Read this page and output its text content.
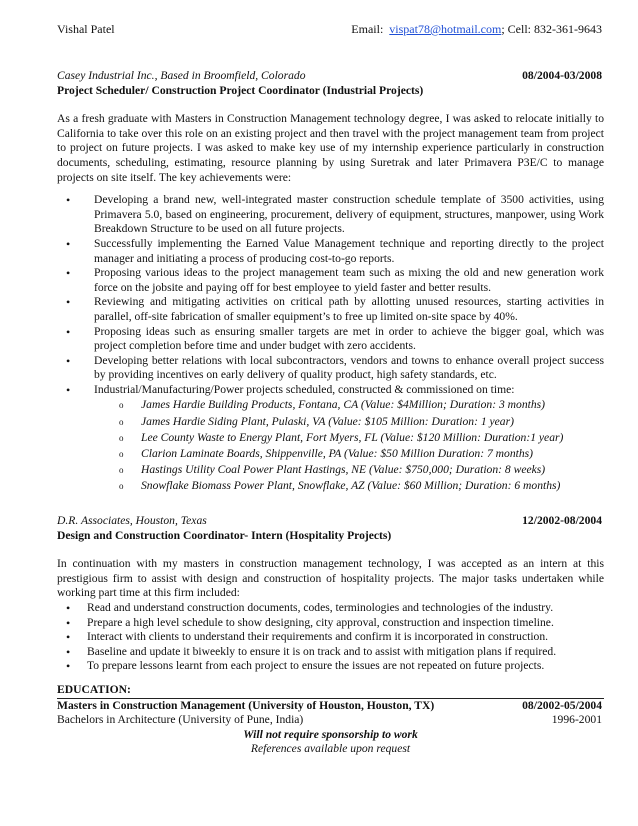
Vishal Patel	Email: vispat78@hotmail.com; Cell: 832-361-9643
Casey Industrial Inc., Based in Broomfield, Colorado	08/2004-03/2008
Project Scheduler/ Construction Project Coordinator (Industrial Projects)
As a fresh graduate with Masters in Construction Management technology degree, I was asked to relocate initially to California to take over this role on an existing project and then travel with the project management team from project to project on future projects. I was asked to make key use of my internship experience particularly in construction documents, scheduling, estimating, resource planning by using Suretrak and later Primavera P3E/C to manage projects on site itself. The key achievements were:
• Developing a brand new, well-integrated master construction schedule template of 3500 activities, using Primavera 5.0, based on engineering, procurement, delivery of equipment, structures, manpower, using Work Breakdown Structure to be used on all future projects.
• Successfully implementing the Earned Value Management technique and reporting directly to the project manager and initiating a process of producing cost-to-go reports.
• Proposing various ideas to the project management team such as mixing the old and new generation work force on the jobsite and paying off for best employee to yield faster and better results.
• Reviewing and mitigating activities on critical path by allotting unused resources, starting activities in parallel, off-site fabrication of smaller equipment’s to free up limited on-site space by 40%.
• Proposing ideas such as ensuring smaller targets are met in order to achieve the bigger goal, which was project completion before time and under budget with zero accidents.
• Developing better relations with local subcontractors, vendors and towns to enhance overall project success by providing incentives on early delivery of quality product, high safety standards, etc.
• Industrial/Manufacturing/Power projects scheduled, constructed & commissioned on time:
o James Hardie Building Products, Fontana, CA (Value: $4Million; Duration: 3 months)
o James Hardie Siding Plant, Pulaski, VA (Value: $105 Million: Duration: 1 year)
o Lee County Waste to Energy Plant, Fort Myers, FL (Value: $120 Million: Duration:1 year)
o Clarion Laminate Boards, Shippenville, PA (Value: $50 Million Duration: 7 months)
o Hastings Utility Coal Power Plant Hastings, NE (Value: $750,000; Duration: 8 weeks)
o Snowflake Biomass Power Plant, Snowflake, AZ (Value: $60 Million; Duration: 6 months)
D.R. Associates, Houston, Texas	12/2002-08/2004
Design and Construction Coordinator- Intern (Hospitality Projects)
In continuation with my masters in construction management technology, I was accepted as an intern at this prestigious firm to assist with design and construction of hospitality projects. The major tasks undertaken while working part time at this firm included:
• Read and understand construction documents, codes, terminologies and technologies of the industry.
• Prepare a high level schedule to show designing, city approval, construction and inspection timeline.
• Interact with clients to understand their requirements and confirm it is incorporated in construction.
• Baseline and update it biweekly to ensure it is on track and to assist with mitigation plans if required.
• To prepare lessons learnt from each project to ensure the issues are not repeated on future projects.
EDUCATION:
Masters in Construction Management (University of Houston, Houston, TX)	08/2002-05/2004
Bachelors in Architecture (University of Pune, India)	1996-2001
Will not require sponsorship to work
References available upon request
